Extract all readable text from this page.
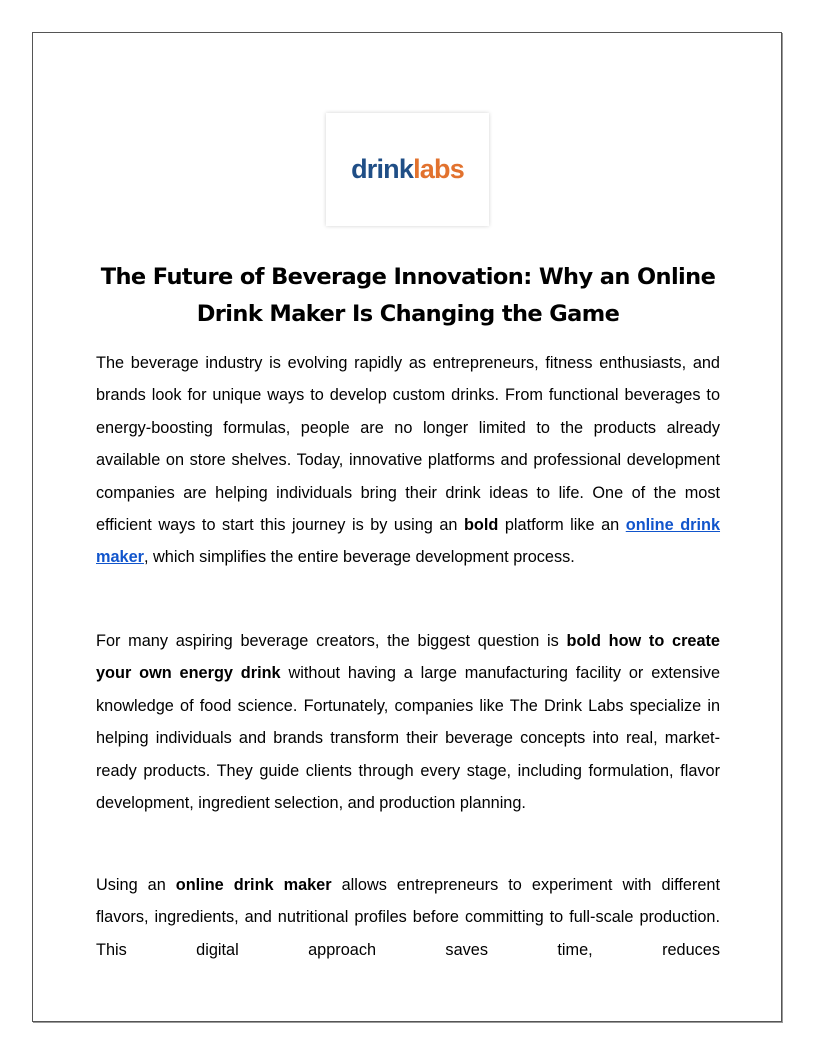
drinklabs
The Future of Beverage Innovation: Why an Online Drink Maker Is Changing the Game

The beverage industry is evolving rapidly as entrepreneurs, fitness enthusiasts, and brands look for unique ways to develop custom drinks. From functional beverages to energy-boosting formulas, people are no longer limited to the products already available on store shelves. Today, innovative platforms and professional development companies are helping individuals bring their drink ideas to life. One of the most efficient ways to start this journey is by using an bold platform like an online drink maker, which simplifies the entire beverage development process.

For many aspiring beverage creators, the biggest question is bold how to create your own energy drink without having a large manufacturing facility or extensive knowledge of food science. Fortunately, companies like The Drink Labs specialize in helping individuals and brands transform their beverage concepts into real, market-ready products. They guide clients through every stage, including formulation, flavor development, ingredient selection, and production planning.

Using an online drink maker allows entrepreneurs to experiment with different flavors, ingredients, and nutritional profiles before committing to full-scale production. This digital approach saves time, reduces
